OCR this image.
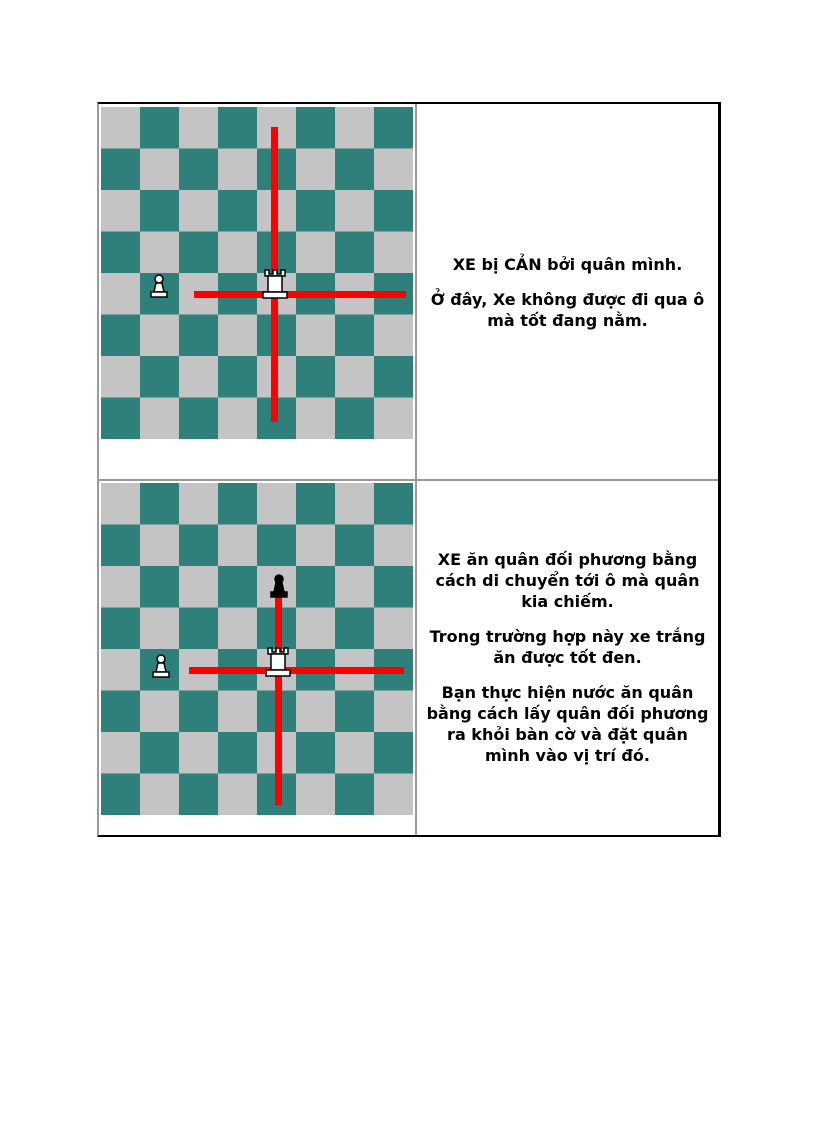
XE bị CẢN bởi quân mình.

Ở đây, Xe không được đi qua ô mà tốt đang nằm.

XE ăn quân đối phương bằng cách di chuyển tới ô mà quân kia chiếm.

Trong trường hợp này xe trắng ăn được tốt đen.

Bạn thực hiện nước ăn quân bằng cách lấy quân đối phương ra khỏi bàn cờ và đặt quân mình vào vị trí đó.
